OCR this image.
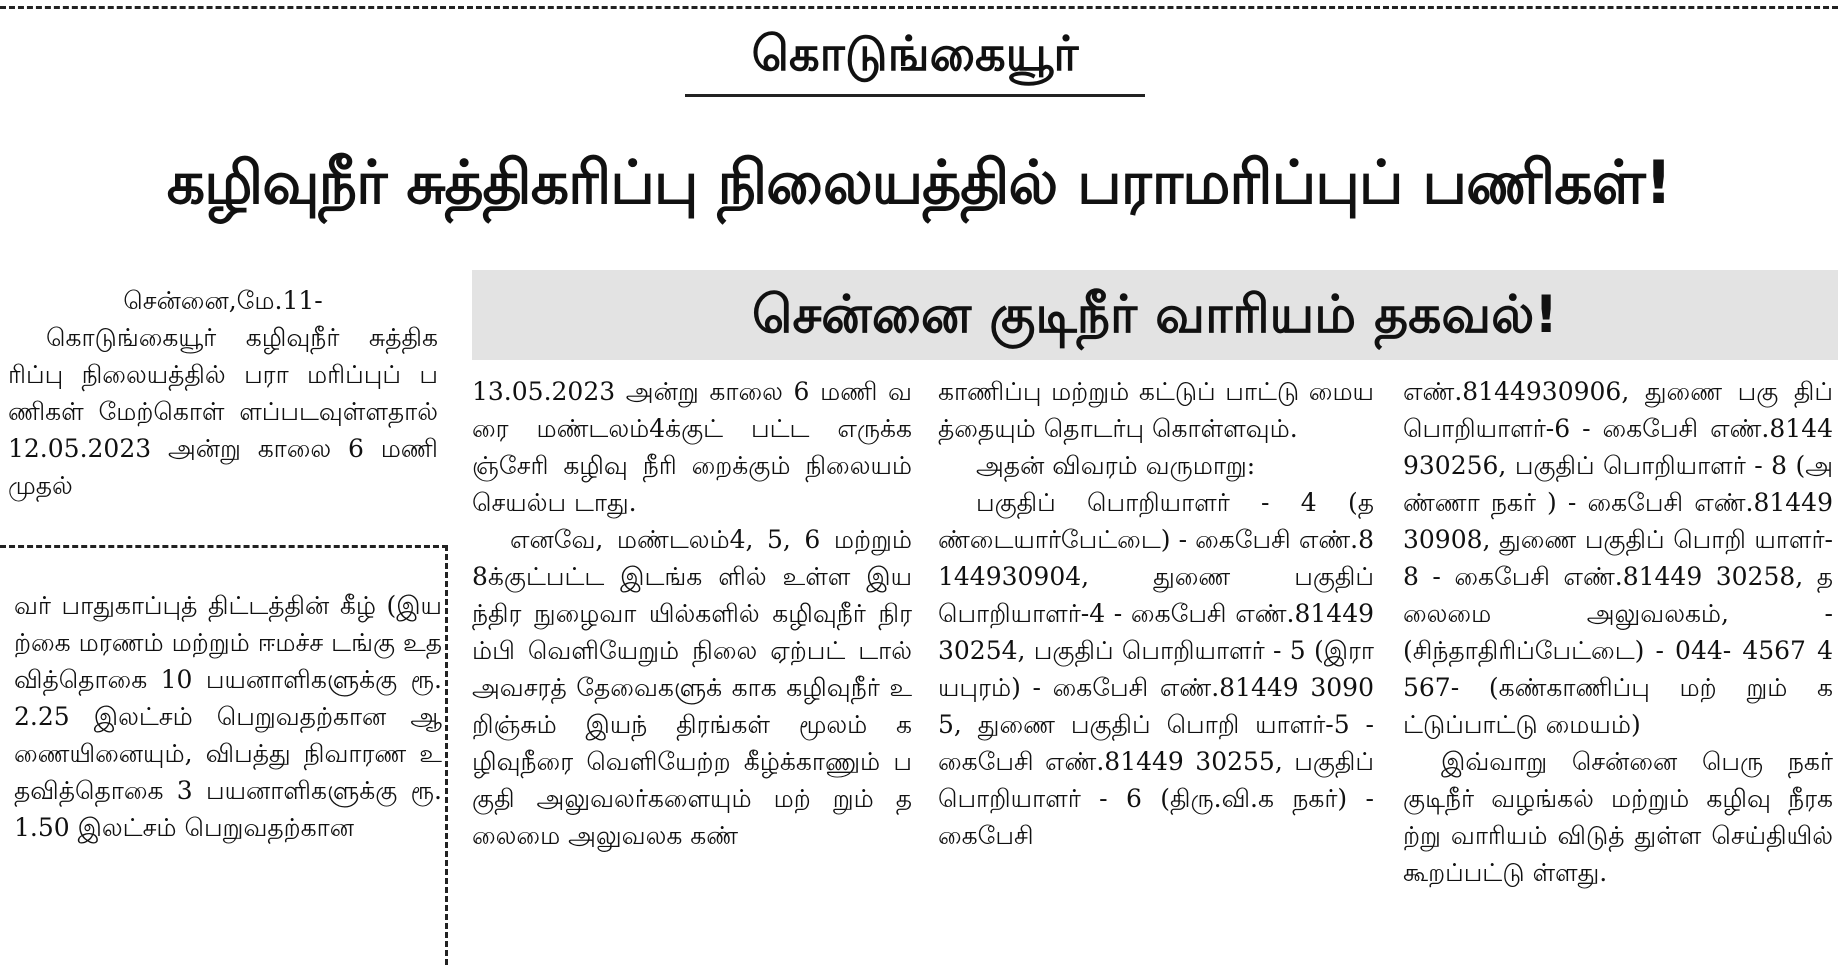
கொடுங்கையூர்
கழிவுநீர் சுத்திகரிப்பு நிலையத்தில் பராமரிப்புப் பணிகள்!
சென்னை குடிநீர் வாரியம் தகவல்!

சென்னை,மே.11-

கொடுங்கையூர் கழிவுநீர் சுத்திகரிப்பு நிலையத்தில் பரா மரிப்புப் பணிகள் மேற்கொள் ளப்படவுள்ளதால் 12.05.2023 அன்று காலை 6 மணி முதல்

வர் பாதுகாப்புத் திட்டத்தின் கீழ் (இயற்கை மரணம் மற்றும் ஈமச்ச டங்கு உதவித்தொகை 10 பயனாளிகளுக்கு ரூ.2.25 இலட்சம் பெறுவதற்கான ஆணையினையும், விபத்து நிவாரண உதவித்தொகை 3 பயனாளிகளுக்கு ரூ.1.50 இலட்சம் பெறுவதற்கான

13.05.2023 அன்று காலை 6 மணி வரை மண்டலம்4க்குட் பட்ட எருக்கஞ்சேரி கழிவு நீரி றைக்கும் நிலையம் செயல்ப டாது.

எனவே, மண்டலம்4, 5, 6 மற்றும் 8க்குட்பட்ட இடங்க ளில் உள்ள இயந்திர நுழைவா யில்களில் கழிவுநீர் நிரம்பி வெளியேறும் நிலை ஏற்பட் டால் அவசரத் தேவைகளுக் காக கழிவுநீர் உறிஞ்சும் இயந் திரங்கள் மூலம் கழிவுநீரை வெளியேற்ற கீழ்க்காணும் பகுதி அலுவலர்களையும் மற் றும் தலைமை அலுவலக கண்

காணிப்பு மற்றும் கட்டுப் பாட்டு மையத்தையும் தொடர்பு கொள்ளவும்.

அதன் விவரம் வருமாறு:

பகுதிப் பொறியாளர் - 4 (தண்டையார்பேட்டை) - கைபேசி எண்.8144930904, துணை பகுதிப் பொறியாளர்-4 - கைபேசி எண்.8144930254, பகுதிப் பொறியாளர் - 5 (இரா யபுரம்) - கைபேசி எண்.81449 30905, துணை பகுதிப் பொறி யாளர்-5 - கைபேசி எண்.81449 30255, பகுதிப் பொறியாளர் - 6 (திரு.வி.க நகர்) - கைபேசி

எண்.8144930906, துணை பகு திப் பொறியாளர்-6 - கைபேசி எண்.8144930256, பகுதிப் பொறியாளர் - 8 (அண்ணா நகர் ) - கைபேசி எண்.81449 30908, துணை பகுதிப் பொறி யாளர்-8 - கைபேசி எண்.81449 30258, தலைமை அலுவலகம், - (சிந்தாதிரிப்பேட்டை) - 044- 4567 4567- (கண்காணிப்பு மற் றும் கட்டுப்பாட்டு மையம்)

இவ்வாறு சென்னை பெரு நகர் குடிநீர் வழங்கல் மற்றும் கழிவு நீரகற்று வாரியம் விடுத் துள்ள செய்தியில் கூறப்பட்டு ள்ளது.
